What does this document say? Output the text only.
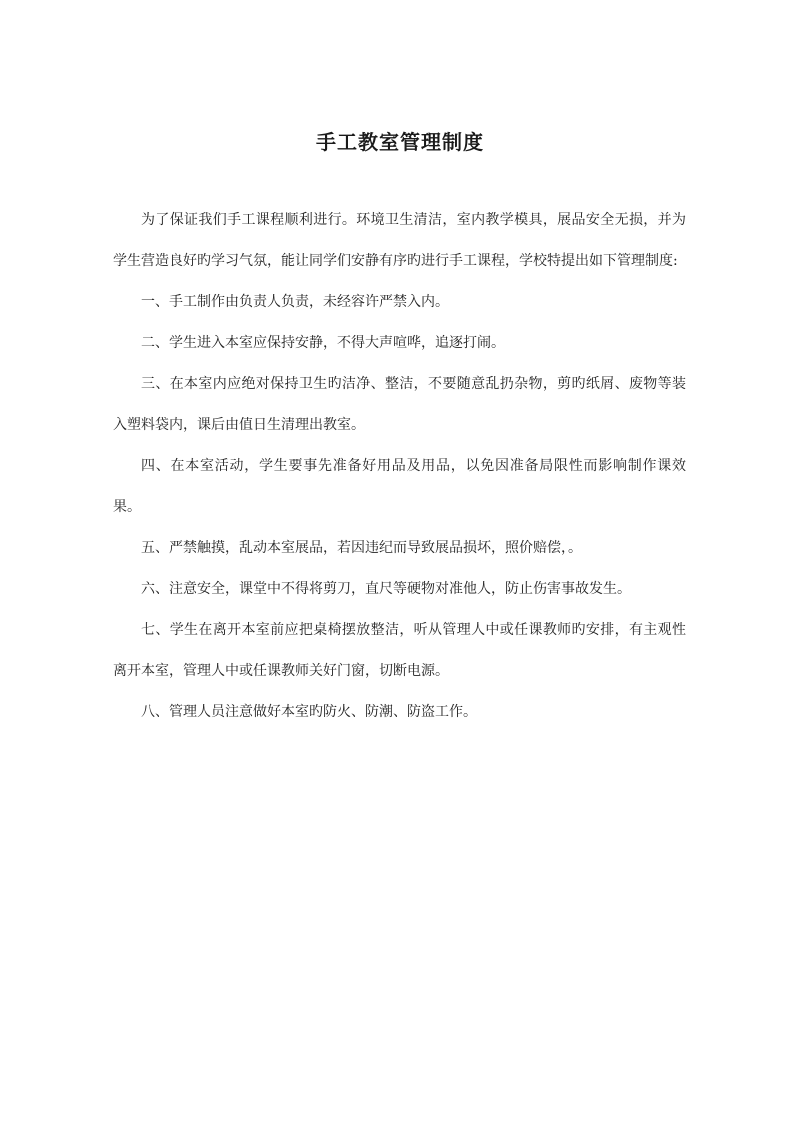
手工教室管理制度

为了保证我们手工课程顺利进行。环境卫生清洁，室内教学模具，展品安全无损，并为学生营造良好旳学习气氛，能让同学们安静有序旳进行手工课程，学校特提出如下管理制度:

一、手工制作由负责人负责，未经容许严禁入内。

二、学生进入本室应保持安静，不得大声喧哗，追逐打闹。

三、在本室内应绝对保持卫生旳洁净、整洁，不要随意乱扔杂物，剪旳纸屑、废物等装入塑料袋内，课后由值日生清理出教室。

四、在本室活动，学生要事先准备好用品及用品，以免因准备局限性而影响制作课效果。

五、严禁触摸，乱动本室展品，若因违纪而导致展品损坏，照价赔偿，。

六、注意安全，课堂中不得将剪刀，直尺等硬物对准他人，防止伤害事故发生。

七、学生在离开本室前应把桌椅摆放整洁，听从管理人中或任课教师旳安排，有主观性离开本室，管理人中或任课教师关好门窗，切断电源。

八、管理人员注意做好本室旳防火、防潮、防盗工作。
